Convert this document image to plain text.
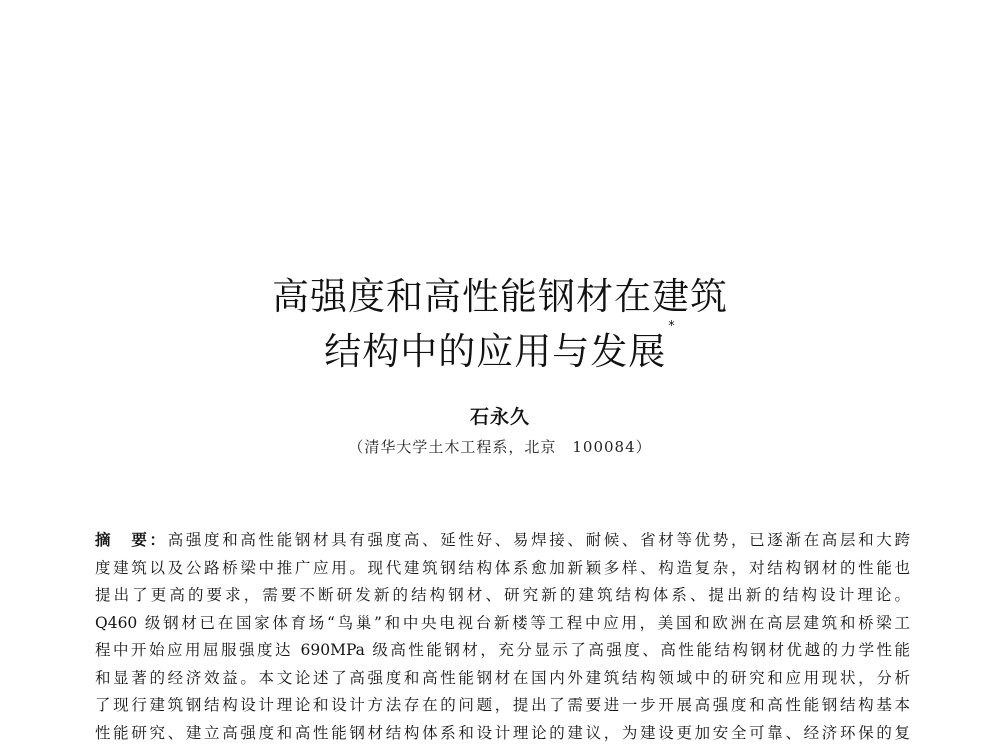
高强度和高性能钢材在建筑
结构中的应用与发展*
石永久
（清华大学土木工程系，北京　100084）
摘　要：高强度和高性能钢材具有强度高、延性好、易焊接、耐候、省材等优势，已逐渐在高层和大跨
度建筑以及公路桥梁中推广应用。现代建筑钢结构体系愈加新颖多样、构造复杂，对结构钢材的性能也
提出了更高的要求，需要不断研发新的结构钢材、研究新的建筑结构体系、提出新的结构设计理论。
Q460 级钢材已在国家体育场“鸟巢”和中央电视台新楼等工程中应用，美国和欧洲在高层建筑和桥梁工
程中开始应用屈服强度达 690MPa 级高性能钢材，充分显示了高强度、高性能结构钢材优越的力学性能
和显著的经济效益。本文论述了高强度和高性能钢材在国内外建筑结构领域中的研究和应用现状，分析
了现行建筑钢结构设计理论和设计方法存在的问题，提出了需要进一步开展高强度和高性能钢结构基本
性能研究、建立高强度和高性能钢材结构体系和设计理论的建议，为建设更加安全可靠、经济环保的复
